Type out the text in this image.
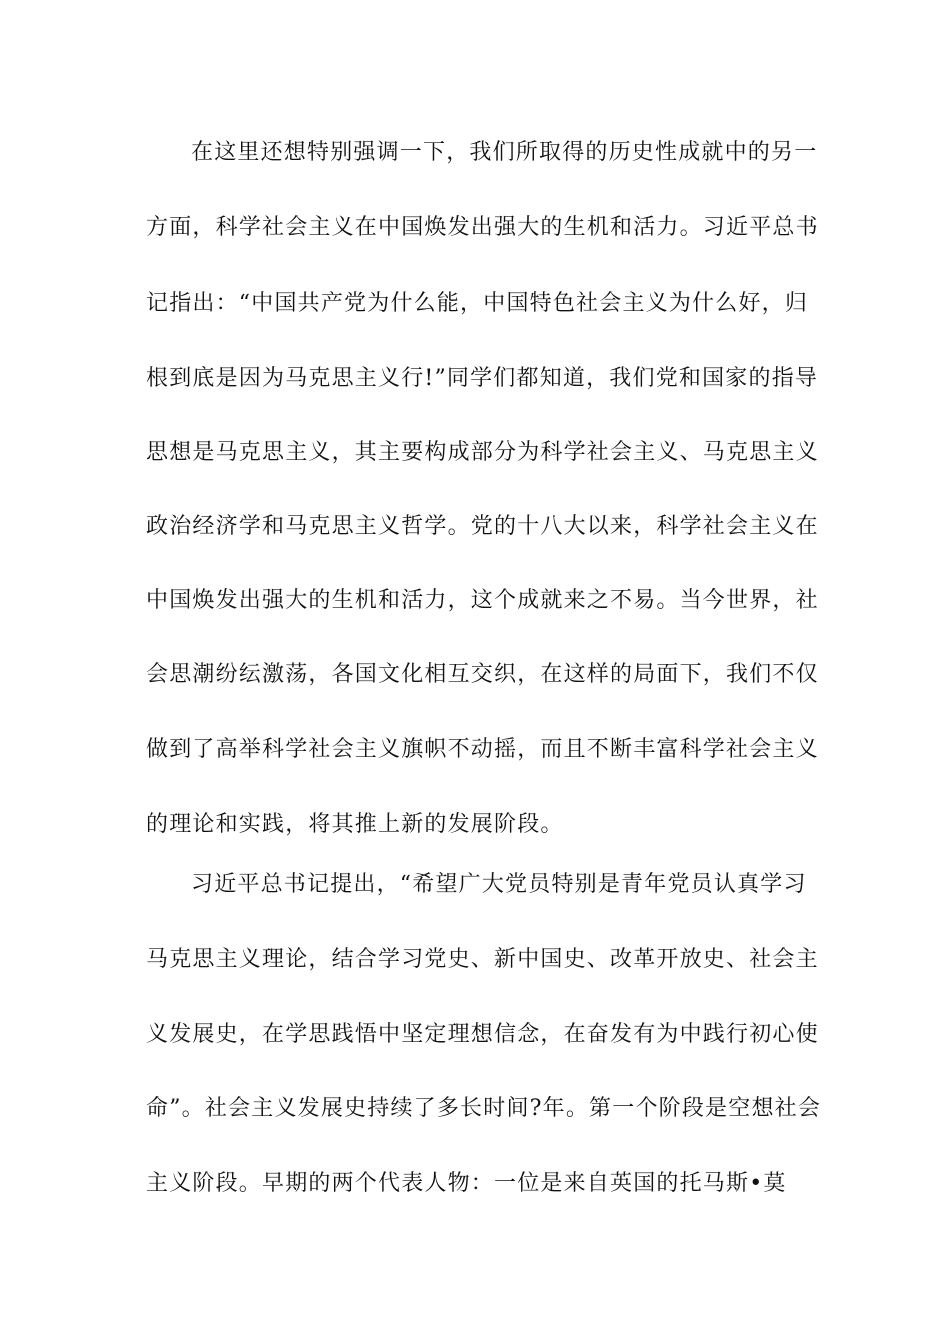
在这里还想特别强调一下，我们所取得的历史性成就中的另一
方面，科学社会主义在中国焕发出强大的生机和活力。习近平总书
记指出：“中国共产党为什么能，中国特色社会主义为什么好，归
根到底是因为马克思主义行!”同学们都知道，我们党和国家的指导
思想是马克思主义，其主要构成部分为科学社会主义、马克思主义
政治经济学和马克思主义哲学。党的十八大以来，科学社会主义在
中国焕发出强大的生机和活力，这个成就来之不易。当今世界，社
会思潮纷纭激荡，各国文化相互交织，在这样的局面下，我们不仅
做到了高举科学社会主义旗帜不动摇，而且不断丰富科学社会主义
的理论和实践，将其推上新的发展阶段。
习近平总书记提出，“希望广大党员特别是青年党员认真学习
马克思主义理论，结合学习党史、新中国史、改革开放史、社会主
义发展史，在学思践悟中坚定理想信念，在奋发有为中践行初心使
命”。社会主义发展史持续了多长时间?年。第一个阶段是空想社会
主义阶段。早期的两个代表人物：一位是来自英国的托马斯•莫
